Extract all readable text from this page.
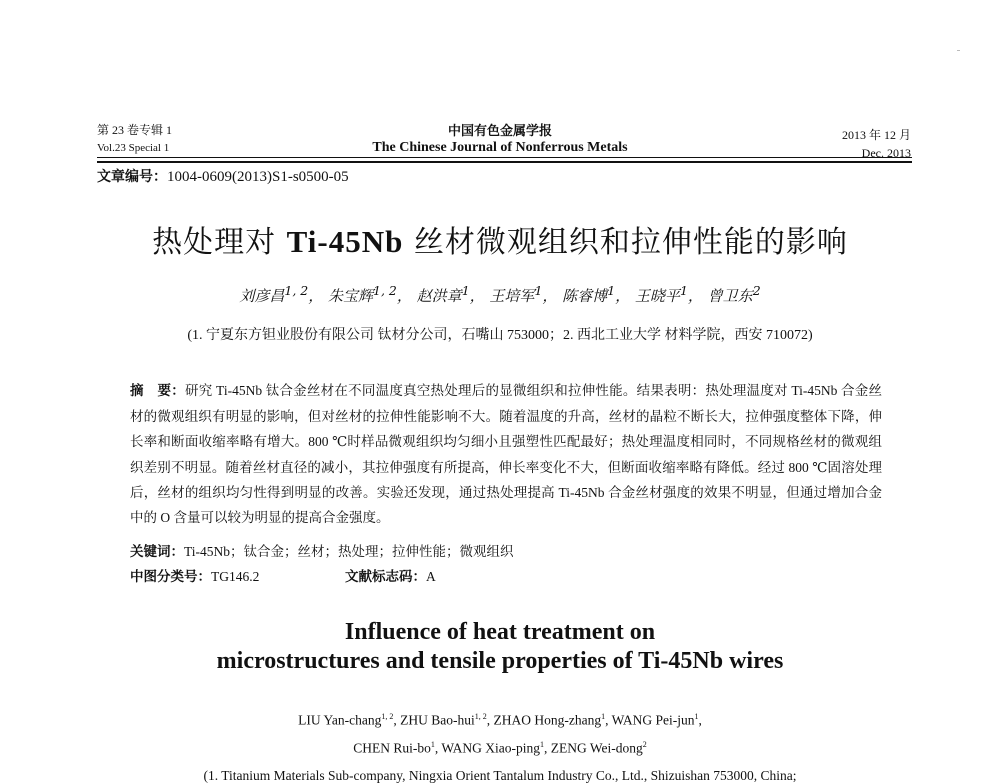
第 23 卷专辑 1
Vol.23 Special 1
中国有色金属学报
The Chinese Journal of Nonferrous Metals
2013 年 12 月
Dec. 2013
文章编号：1004-0609(2013)S1-s0500-05
热处理对 Ti-45Nb 丝材微观组织和拉伸性能的影响
刘彦昌$^{1, 2}$， 朱宝辉$^{1, 2}$， 赵洪章$^1$， 王培军$^1$， 陈睿博$^1$， 王晓平$^1$， 曾卫东$^2$
(1. 宁夏东方钽业股份有限公司 钛材分公司，石嘴山 753000；2. 西北工业大学 材料学院，西安 710072)
摘　要：研究 Ti-45Nb 钛合金丝材在不同温度真空热处理后的显微组织和拉伸性能。结果表明：热处理温度对 Ti-45Nb 合金丝材的微观组织有明显的影响，但对丝材的拉伸性能影响不大。随着温度的升高，丝材的晶粒不断长大，拉伸强度整体下降，伸长率和断面收缩率略有增大。800 ℃时样品微观组织均匀细小且强塑性匹配最好；热处理温度相同时，不同规格丝材的微观组织差别不明显。随着丝材直径的减小，其拉伸强度有所提高，伸长率变化不大，但断面收缩率略有降低。经过 800 ℃固溶处理后，丝材的组织均匀性得到明显的改善。实验还发现，通过热处理提高 Ti-45Nb 合金丝材强度的效果不明显，但通过增加合金中的 O 含量可以较为明显的提高合金强度。
关键词：Ti-45Nb；钛合金；丝材；热处理；拉伸性能；微观组织
中图分类号：TG146.2	文献标志码：A
Influence of heat treatment on
microstructures and tensile properties of Ti-45Nb wires
LIU Yan-chang$^{1, 2}$, ZHU Bao-hui$^{1, 2}$, ZHAO Hong-zhang$^1$, WANG Pei-jun$^1$,
CHEN Rui-$bo^1$, WANG Xiao-ping$^1$, ZENG Wei-dong$^2$
(1. Titanium Materials Sub-company, Ningxia Orient Tantalum Industry Co., Ltd., Shizuishan 753000, China;
